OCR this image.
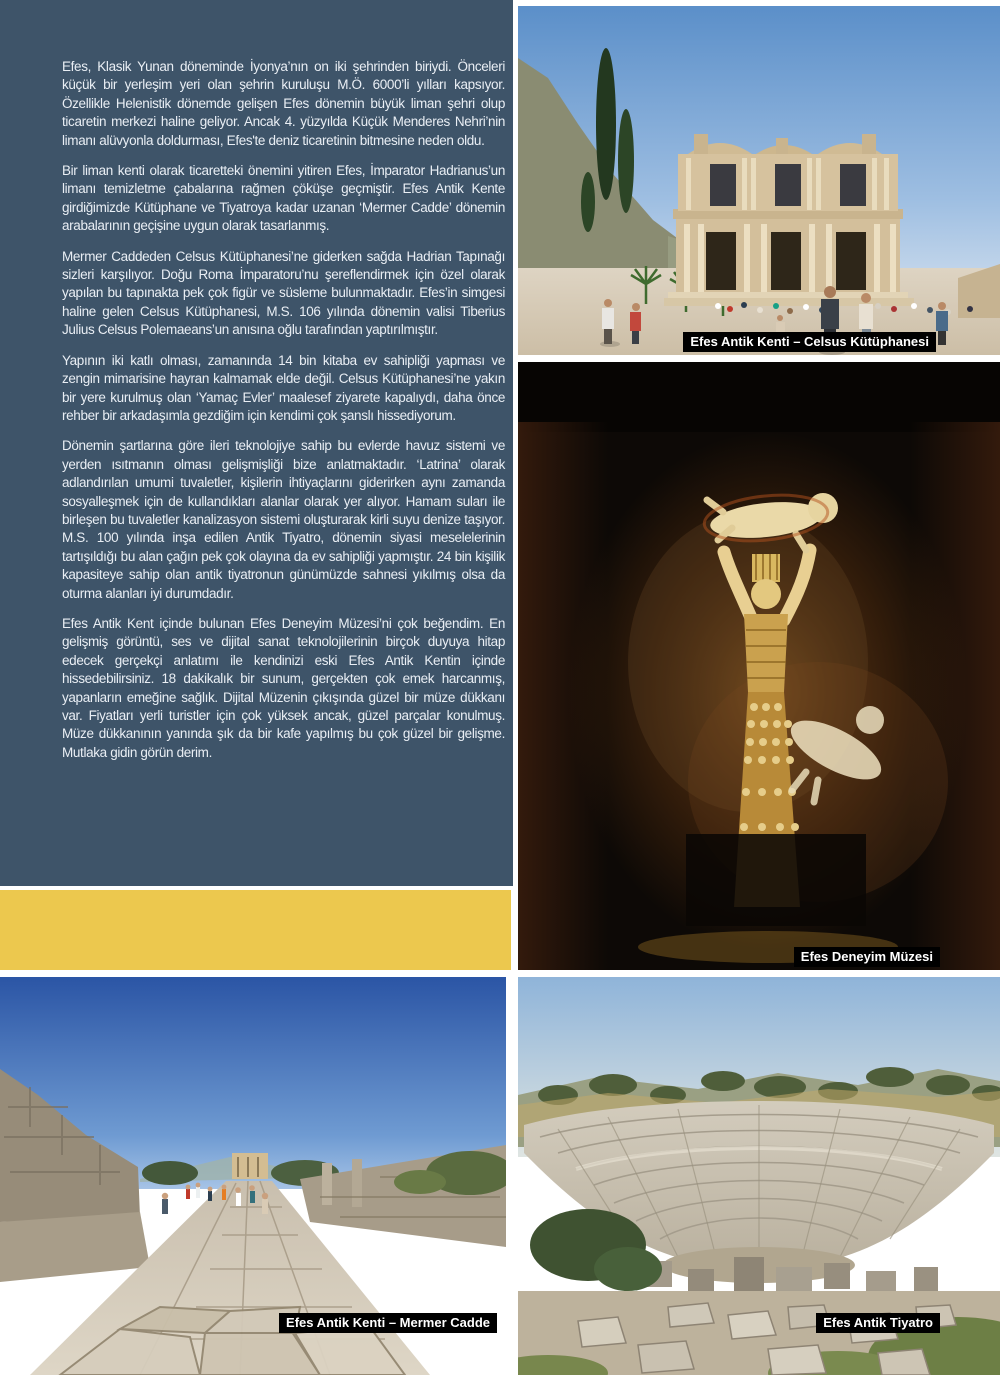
Efes, Klasik Yunan döneminde İyonya’nın on iki şehrinden biriydi. Önceleri küçük bir yerleşim yeri olan şehrin kuruluşu M.Ö. 6000’li yılları kapsıyor. Özellikle Helenistik dönemde gelişen Efes dönemin büyük liman şehri olup ticaretin merkezi haline geliyor. Ancak 4. yüzyılda Küçük Menderes Nehri’nin limanı alüvyonla doldurması, Efes'te deniz ticaretinin bitmesine neden oldu.

Bir liman kenti olarak ticaretteki önemini yitiren Efes, İmparator Hadrianus’un limanı temizletme çabalarına rağmen çöküşe geçmiştir. Efes Antik Kente girdiğimizde Kütüphane ve Tiyatroya kadar uzanan ‘Mermer Cadde’ dönemin arabalarının geçişine uygun olarak tasarlanmış.

Mermer Caddeden Celsus Kütüphanesi’ne giderken sağda Hadrian Tapınağı sizleri karşılıyor. Doğu Roma İmparatoru’nu şereflendirmek için özel olarak yapılan bu tapınakta pek çok figür ve süsleme bulunmaktadır. Efes’in simgesi haline gelen Celsus Kütüphanesi, M.S. 106 yılında dönemin valisi Tiberius Julius Celsus Polemaeans’un anısına oğlu tarafından yaptırılmıştır.

Yapının iki katlı olması, zamanında 14 bin kitaba ev sahipliği yapması ve zengin mimarisine hayran kalmamak elde değil. Celsus Kütüphanesi’ne yakın bir yere kurulmuş olan ‘Yamaç Evler’ maalesef ziyarete kapalıydı, daha önce rehber bir arkadaşımla gezdiğim için kendimi çok şanslı hissediyorum.

Dönemin şartlarına göre ileri teknolojiye sahip bu evlerde havuz sistemi ve yerden ısıtmanın olması gelişmişliği bize anlatmaktadır. ‘Latrina’ olarak adlandırılan umumi tuvaletler, kişilerin ihtiyaçlarını giderirken aynı zamanda sosyalleşmek için de kullandıkları alanlar olarak yer alıyor. Hamam suları ile birleşen bu tuvaletler kanalizasyon sistemi oluşturarak kirli suyu denize taşıyor. M.S. 100 yılında inşa edilen Antik Tiyatro, dönemin siyasi meselelerinin tartışıldığı bu alan çağın pek çok olayına da ev sahipliği yapmıştır. 24 bin kişilik kapasiteye sahip olan antik tiyatronun günümüzde sahnesi yıkılmış olsa da oturma alanları iyi durumdadır.

Efes Antik Kent içinde bulunan Efes Deneyim Müzesi’ni çok beğendim. En gelişmiş görüntü, ses ve dijital sanat teknolojilerinin birçok duyuya hitap edecek gerçekçi anlatımı ile kendinizi eski Efes Antik Kentin içinde hissedebilirsiniz. 18 dakikalık bir sunum, gerçekten çok emek harcanmış, yapanların emeğine sağlık. Dijital Müzenin çıkışında güzel bir müze dükkanı var. Fiyatları yerli turistler için çok yüksek ancak, güzel parçalar konulmuş. Müze dükkanının yanında şık da bir kafe yapılmış bu çok güzel bir gelişme. Mutlaka gidin görün derim.

Efes Antik Kenti – Celsus Kütüphanesi
Efes Deneyim Müzesi
Efes Antik Kenti – Mermer Cadde	Efes Antik Tiyatro
